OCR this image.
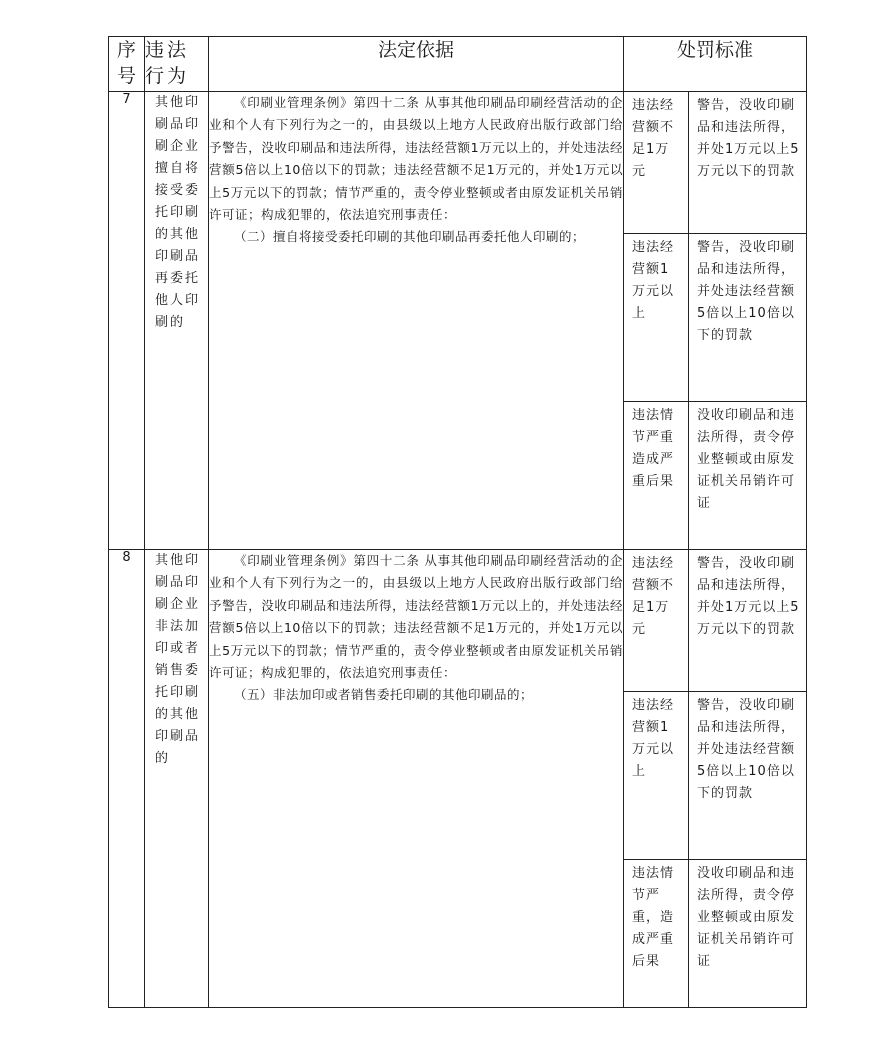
序号	违法行为	法定依据	处罚标准	
7	其他印刷品印刷企业擅自将接受委托印刷的其他印刷品再委托他人印刷的	《印刷业管理条例》第四十二条 从事其他印刷品印刷经营活动的企业和个人有下列行为之一的，由县级以上地方人民政府出版行政部门给予警告，没收印刷品和违法所得，违法经营额1万元以上的，并处违法经营额5倍以上10倍以下的罚款；违法经营额不足1万元的，并处1万元以上5万元以下的罚款；情节严重的，责令停业整顿或者由原发证机关吊销许可证；构成犯罪的，依法追究刑事责任：

（二）擅自将接受委托印刷的其他印刷品再委托他人印刷的；	违法经营额不足1万元	警告，没收印刷品和违法所得，并处1万元以上5万元以下的罚款

			违法经营额1万元以上	警告，没收印刷品和违法所得，并处违法经营额5倍以上10倍以下的罚款

			违法情节严重造成严重后果	没收印刷品和违法所得，责令停业整顿或由原发证机关吊销许可证

8	其他印刷品印刷企业非法加印或者销售委托印刷的其他印刷品的	《印刷业管理条例》第四十二条 从事其他印刷品印刷经营活动的企业和个人有下列行为之一的，由县级以上地方人民政府出版行政部门给予警告，没收印刷品和违法所得，违法经营额1万元以上的，并处违法经营额5倍以上10倍以下的罚款；违法经营额不足1万元的，并处1万元以上5万元以下的罚款；情节严重的，责令停业整顿或者由原发证机关吊销许可证；构成犯罪的，依法追究刑事责任：

（五）非法加印或者销售委托印刷的其他印刷品的；	违法经营额不足1万元	警告，没收印刷品和违法所得，并处1万元以上5万元以下的罚款

			违法经营额1万元以上	警告，没收印刷品和违法所得，并处违法经营额5倍以上10倍以下的罚款

			违法情节严重，造成严重后果	没收印刷品和违法所得，责令停业整顿或由原发证机关吊销许可证
